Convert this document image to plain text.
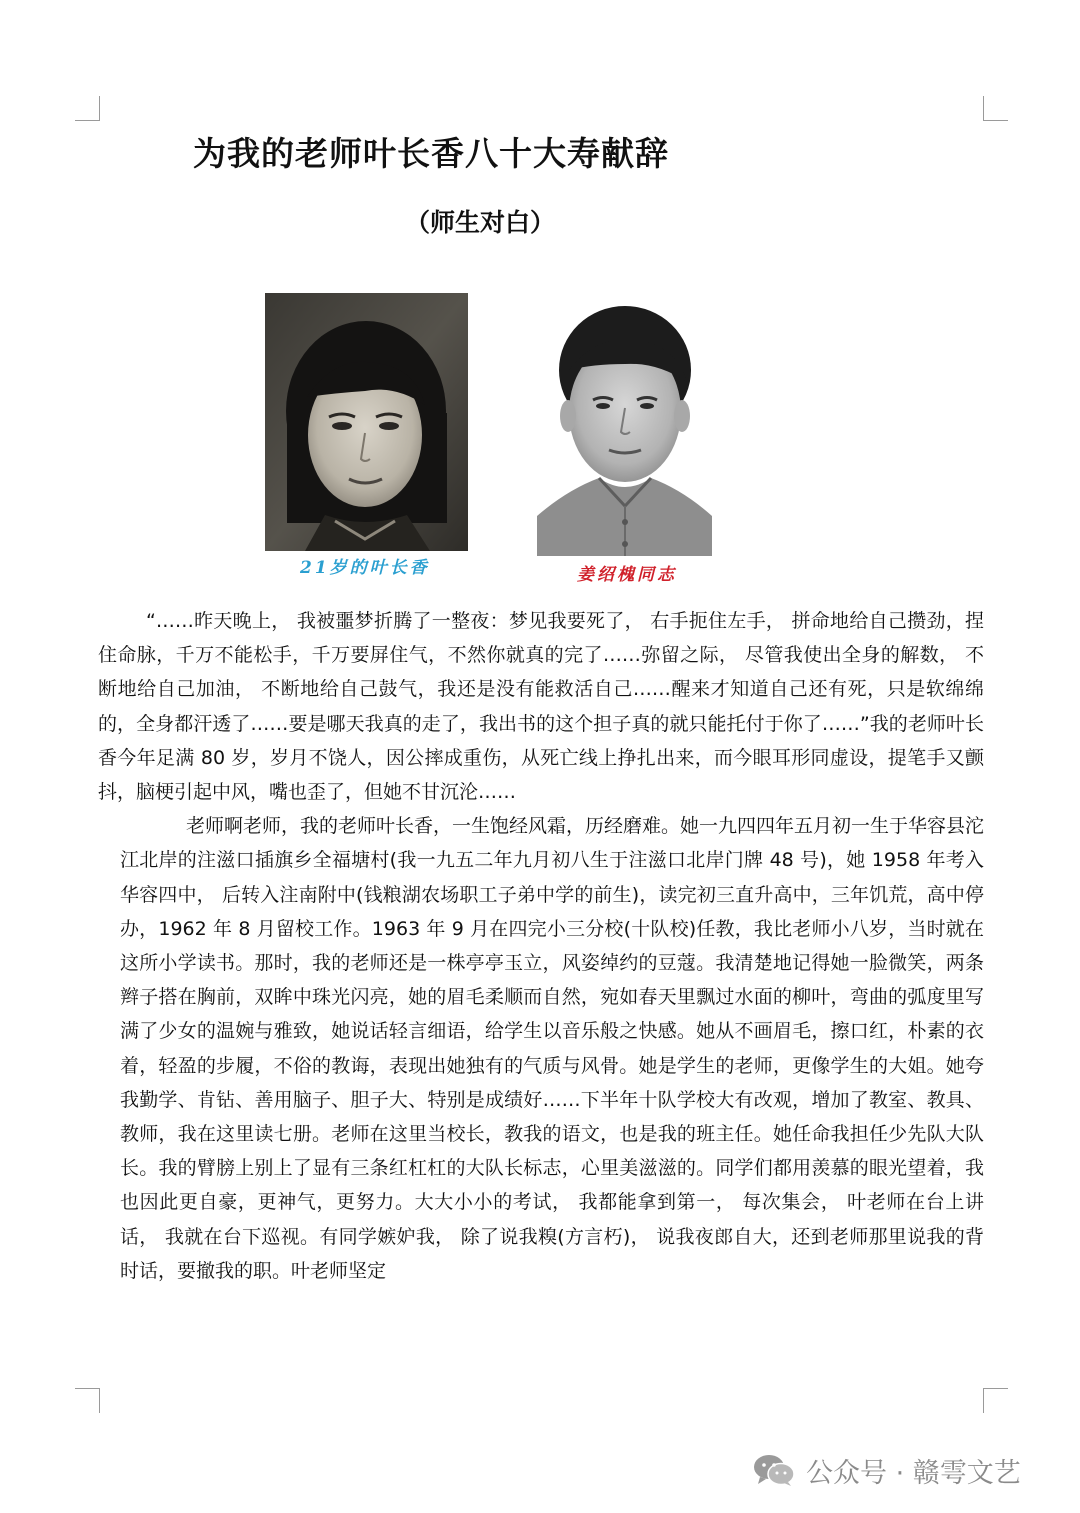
为我的老师叶长香八十大寿献辞
（师生对白）
21岁的叶长香	姜绍槐同志

“……昨天晚上， 我被噩梦折腾了一整夜：梦见我要死了， 右手扼住左手， 拼命地给自己攒劲，捏住命脉，千万不能松手，千万要屏住气，不然你就真的完了……弥留之际， 尽管我使出全身的解数， 不断地给自己加油， 不断地给自己鼓气，我还是没有能救活自己……醒来才知道自己还有死，只是软绵绵的，全身都汗透了……要是哪天我真的走了，我出书的这个担子真的就只能托付于你了……”我的老师叶长香今年足满 80 岁，岁月不饶人，因公摔成重伤，从死亡线上挣扎出来，而今眼耳形同虚设，提笔手又颤抖，脑梗引起中风，嘴也歪了，但她不甘沉沦……

老师啊老师，我的老师叶长香，一生饱经风霜，历经磨难。她一九四四年五月初一生于华容县沱江北岸的注滋口插旗乡全福塘村(我一九五二年九月初八生于注滋口北岸门牌 48 号)，她 1958 年考入华容四中， 后转入注南附中(钱粮湖农场职工子弟中学的前生)，读完初三直升高中，三年饥荒，高中停办，1962 年 8 月留校工作。1963 年 9 月在四完小三分校(十队校)任教，我比老师小八岁，当时就在这所小学读书。那时，我的老师还是一株亭亭玉立，风姿绰约的豆蔻。我清楚地记得她一脸微笑，两条辫子搭在胸前，双眸中珠光闪亮，她的眉毛柔顺而自然，宛如春天里飘过水面的柳叶，弯曲的弧度里写满了少女的温婉与雅致，她说话轻言细语，给学生以音乐般之快感。她从不画眉毛，擦口红，朴素的衣着，轻盈的步履，不俗的教诲，表现出她独有的气质与风骨。她是学生的老师，更像学生的大姐。她夸我勤学、肯钻、善用脑子、胆子大、特别是成绩好……下半年十队学校大有改观，增加了教室、教具、教师，我在这里读七册。老师在这里当校长，教我的语文，也是我的班主任。她任命我担任少先队大队长。我的臂膀上别上了显有三条红杠杠的大队长标志，心里美滋滋的。同学们都用羡慕的眼光望着，我也因此更自豪，更神气，更努力。大大小小的考试， 我都能拿到第一， 每次集会， 叶老师在台上讲话， 我就在台下巡视。有同学嫉妒我， 除了说我糗(方言朽)， 说我夜郎自大，还到老师那里说我的背时话，要撤我的职。叶老师坚定

公众号 · 赣雩文艺
